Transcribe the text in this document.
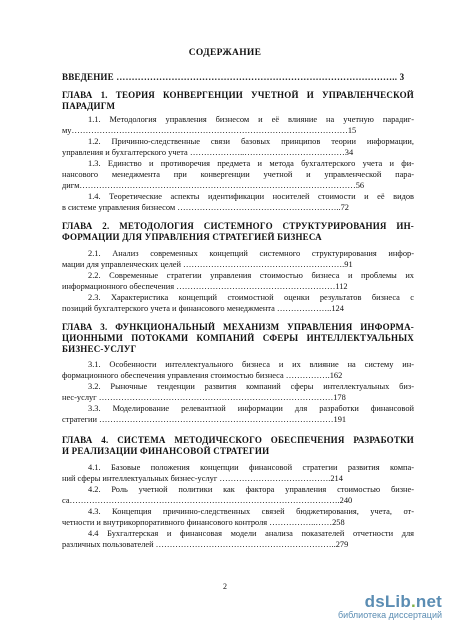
СОДЕРЖАНИЕ
ВВЕДЕНИЕ ……………………………………………………………………………….. 3
ГЛАВА 1. ТЕОРИЯ КОНВЕРГЕНЦИИ УЧЕТНОЙ И УПРАВЛЕНЧЕСКОЙ
ПАРАДИГМ
1.1. Методология управления бизнесом и её влияние на учетную парадиг-
му………………………………………………………………………………………15
1.2. Причинно-следственные связи базовых принципов теории информации,
управления и бухгалтерского учета ………………..………………………………34
1.3. Единство и противоречия предмета и метода бухгалтерского учета и фи-
нансового менеджмента при конвергенции учетной и управленческой пара-
дигм………………………………………………………………………………………56
1.4. Теоретические аспекты идентификации носителей стоимости и её видов
в системе управления бизнесом …………………………………………………..72
ГЛАВА 2. МЕТОДОЛОГИЯ СИСТЕМНОГО СТРУКТУРИРОВАНИЯ ИН-
ФОРМАЦИИ ДЛЯ УПРАВЛЕНИЯ СТРАТЕГИЕЙ БИЗНЕСА
2.1. Анализ современных концепций системного структурирования инфор-
мации для управленческих целей ………………………………………………….91
2.2. Современные стратегии управления стоимостью бизнеса и проблемы их
информационного обеспечения …………………………………………………112
2.3. Характеристика концепций стоимостной оценки результатов бизнеса с
позиций бухгалтерского учета и финансового менеджмента ………………..124
ГЛАВА 3. ФУНКЦИОНАЛЬНЫЙ МЕХАНИЗМ УПРАВЛЕНИЯ ИНФОРМА-
ЦИОННЫМИ ПОТОКАМИ КОМПАНИЙ СФЕРЫ ИНТЕЛЛЕКТУАЛЬНЫХ
БИЗНЕС-УСЛУГ
3.1. Особенности интеллектуального бизнеса и их влияние на систему ин-
формационного обеспечения управления стоимостью бизнеса …………….162
3.2. Рыночные тенденции развития компаний сферы интеллектуальных биз-
нес-услуг …………………………………………………………………………178
3.3. Моделирование релевантной информации для разработки финансовой
стратегии …………………………………………………………………………191
ГЛАВА 4. СИСТЕМА МЕТОДИЧЕСКОГО ОБЕСПЕЧЕНИЯ РАЗРАБОТКИ
И РЕАЛИЗАЦИИ ФИНАНСОВОЙ СТРАТЕГИИ
4.1. Базовые положения концепции финансовой стратегии развития компа-
ний сферы интеллектуальных бизнес-услуг ………………………………….214
4.2. Роль учетной политики как фактора управления стоимостью бизне-
са…………………………………………………………………………………….240
4.3. Концепция причинно-следственных связей бюджетирования, учета, от-
четности и внутрикорпоративного финансового контроля ……………..……258
4.4 Бухгалтерская и финансовая модели анализа показателей отчетности для
различных пользователей ………………………………………………………..279
2
dsLib.net
библиотека диссертаций
